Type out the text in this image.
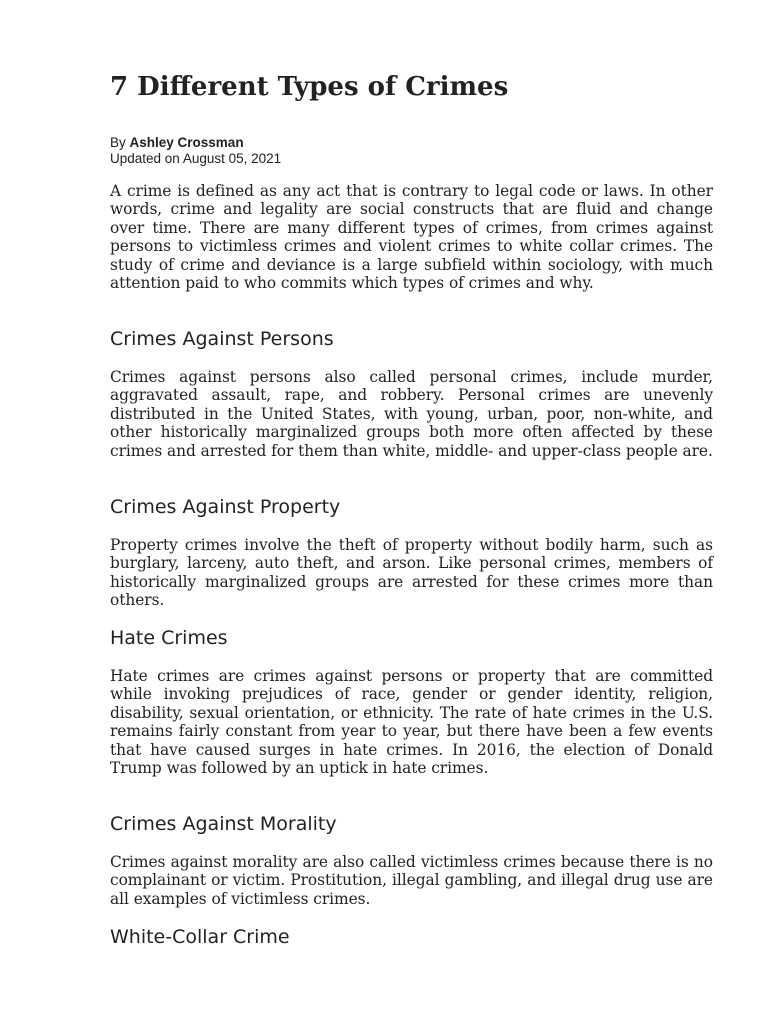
7 Different Types of Crimes
By Ashley Crossman
Updated on August 05, 2021

A crime is defined as any act that is contrary to legal code or laws. In other words, crime and legality are social constructs that are fluid and change over time. There are many different types of crimes, from crimes against persons to victimless crimes and violent crimes to white collar crimes. The study of crime and deviance is a large subfield within sociology, with much attention paid to who commits which types of crimes and why.

Crimes Against Persons

Crimes against persons also called personal crimes, include murder, aggravated assault, rape, and robbery. Personal crimes are unevenly distributed in the United States, with young, urban, poor, non-white, and other historically marginalized groups both more often affected by these crimes and arrested for them than white, middle- and upper-class people are.

Crimes Against Property

Property crimes involve the theft of property without bodily harm, such as burglary, larceny, auto theft, and arson. Like personal crimes, members of historically marginalized groups are arrested for these crimes more than others.

Hate Crimes

Hate crimes are crimes against persons or property that are committed while invoking prejudices of race, gender or gender identity, religion, disability, sexual orientation, or ethnicity. The rate of hate crimes in the U.S. remains fairly constant from year to year, but there have been a few events that have caused surges in hate crimes. In 2016, the election of Donald Trump was followed by an uptick in hate crimes.

Crimes Against Morality

Crimes against morality are also called victimless crimes because there is no complainant or victim. Prostitution, illegal gambling, and illegal drug use are all examples of victimless crimes.

White-Collar Crime
